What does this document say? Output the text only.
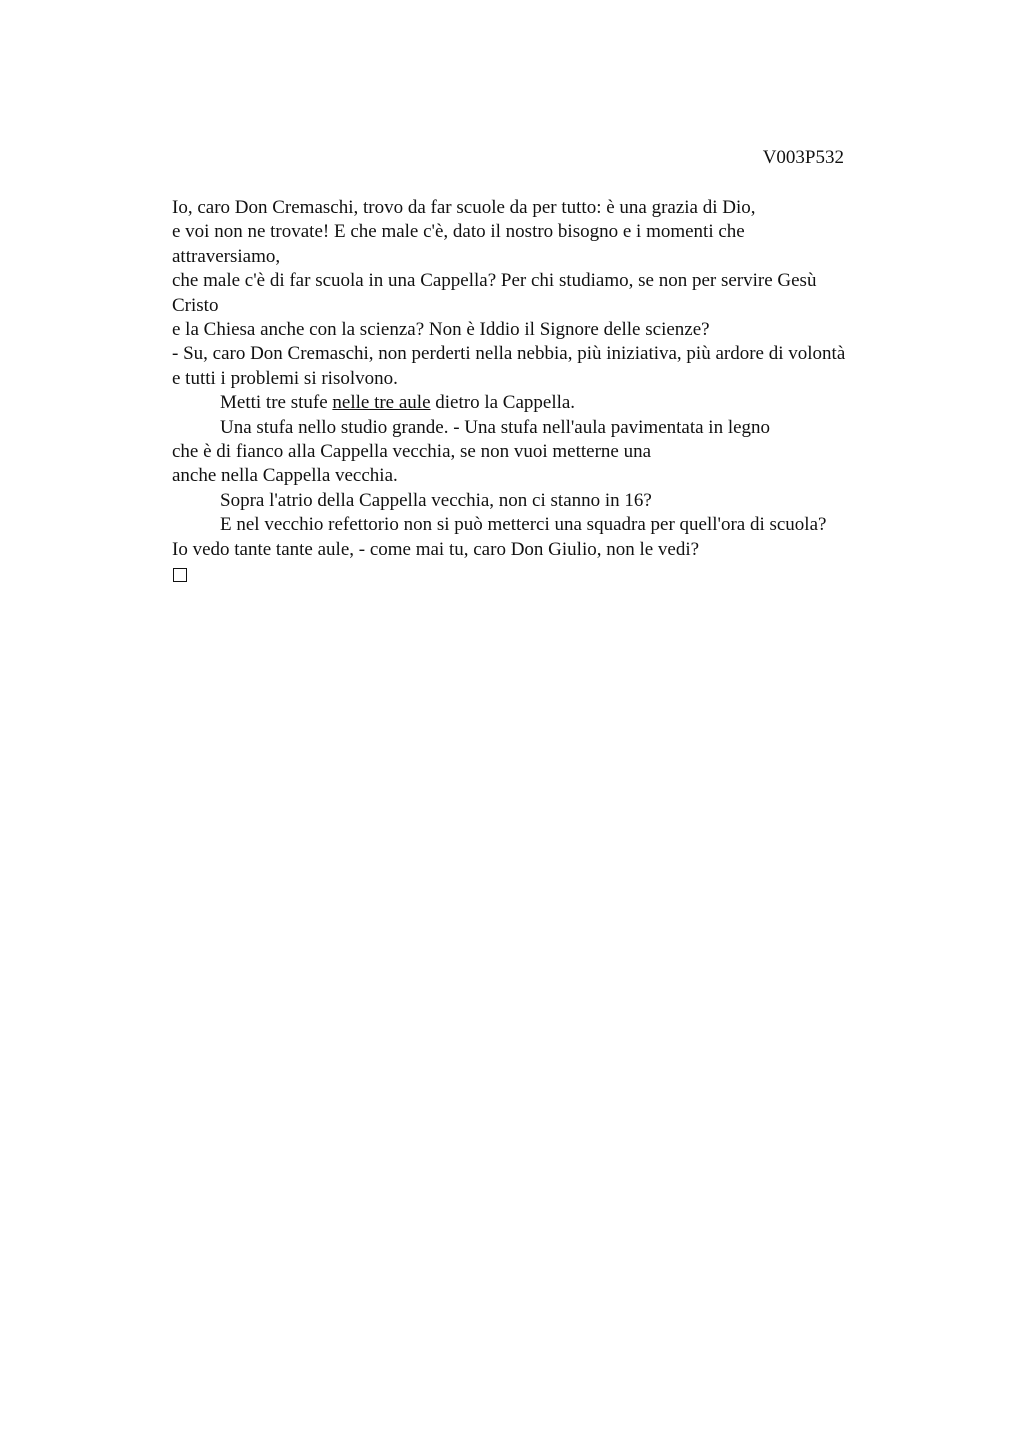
V003P532
Io, caro Don Cremaschi, trovo da far scuole da per tutto: è una grazia di Dio,
e voi non ne trovate! E che male c'è, dato il nostro bisogno e i momenti che
attraversiamo,
che male c'è di far scuola in una Cappella? Per chi studiamo, se non per servire Gesù
Cristo
e la Chiesa anche con la scienza? Non è Iddio il Signore delle scienze?
- Su, caro Don Cremaschi, non perderti nella nebbia, più iniziativa, più ardore di volontà
e tutti i problemi si risolvono.
Metti tre stufe nelle tre aule dietro la Cappella.
Una stufa nello studio grande. - Una stufa nell'aula pavimentata in legno
che è di fianco alla Cappella vecchia, se non vuoi metterne una
anche nella Cappella vecchia.
Sopra l'atrio della Cappella vecchia, non ci stanno in 16?
E nel vecchio refettorio non si può metterci una squadra per quell'ora di scuola?
Io vedo tante tante aule, - come mai tu, caro Don Giulio, non le vedi?
